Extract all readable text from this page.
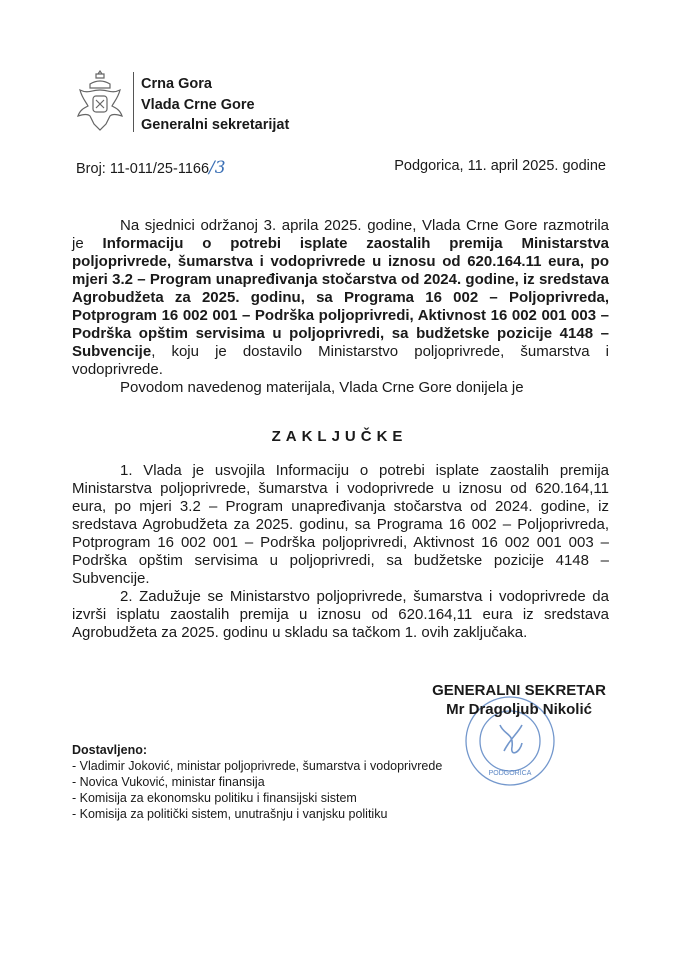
Crna Gora
Vlada Crne Gore
Generalni sekretarijat
Broj: 11-011/25-1166/3	Podgorica, 11. april 2025. godine

Na sjednici održanoj 3. aprila 2025. godine, Vlada Crne Gore razmotrila je Informaciju o potrebi isplate zaostalih premija Ministarstva poljoprivrede, šumarstva i vodoprivrede u iznosu od 620.164.11 eura, po mjeri 3.2 – Program unapređivanja stočarstva od 2024. godine, iz sredstava Agrobudžeta za 2025. godinu, sa Programa 16 002 – Poljoprivreda, Potprogram 16 002 001 – Podrška poljoprivredi, Aktivnost 16 002 001 003 – Podrška opštim servisima u poljoprivredi, sa budžetske pozicije 4148 – Subvencije, koju je dostavilo Ministarstvo poljoprivrede, šumarstva i vodoprivrede.

Povodom navedenog materijala, Vlada Crne Gore donijela je

ZAKLJUČKE

1. Vlada je usvojila Informaciju o potrebi isplate zaostalih premija Ministarstva poljoprivrede, šumarstva i vodoprivrede u iznosu od 620.164,11 eura, po mjeri 3.2 – Program unapređivanja stočarstva od 2024. godine, iz sredstava Agrobudžeta za 2025. godinu, sa Programa 16 002 – Poljoprivreda, Potprogram 16 002 001 – Podrška poljoprivredi, Aktivnost 16 002 001 003 – Podrška opštim servisima u poljoprivredi, sa budžetske pozicije 4148 – Subvencije.

2. Zadužuje se Ministarstvo poljoprivrede, šumarstva i vodoprivrede da izvrši isplatu zaostalih premija u iznosu od 620.164,11 eura iz sredstava Agrobudžeta za 2025. godinu u skladu sa tačkom 1. ovih zaključaka.

PODGORICA
GENERALNI SEKRETAR
Mr Dragoljub Nikolić
Dostavljeno:
- Vladimir Joković, ministar poljoprivrede, šumarstva i vodoprivrede
- Novica Vuković, ministar finansija
- Komisija za ekonomsku politiku i finansijski sistem
- Komisija za politički sistem, unutrašnju i vanjsku politiku
